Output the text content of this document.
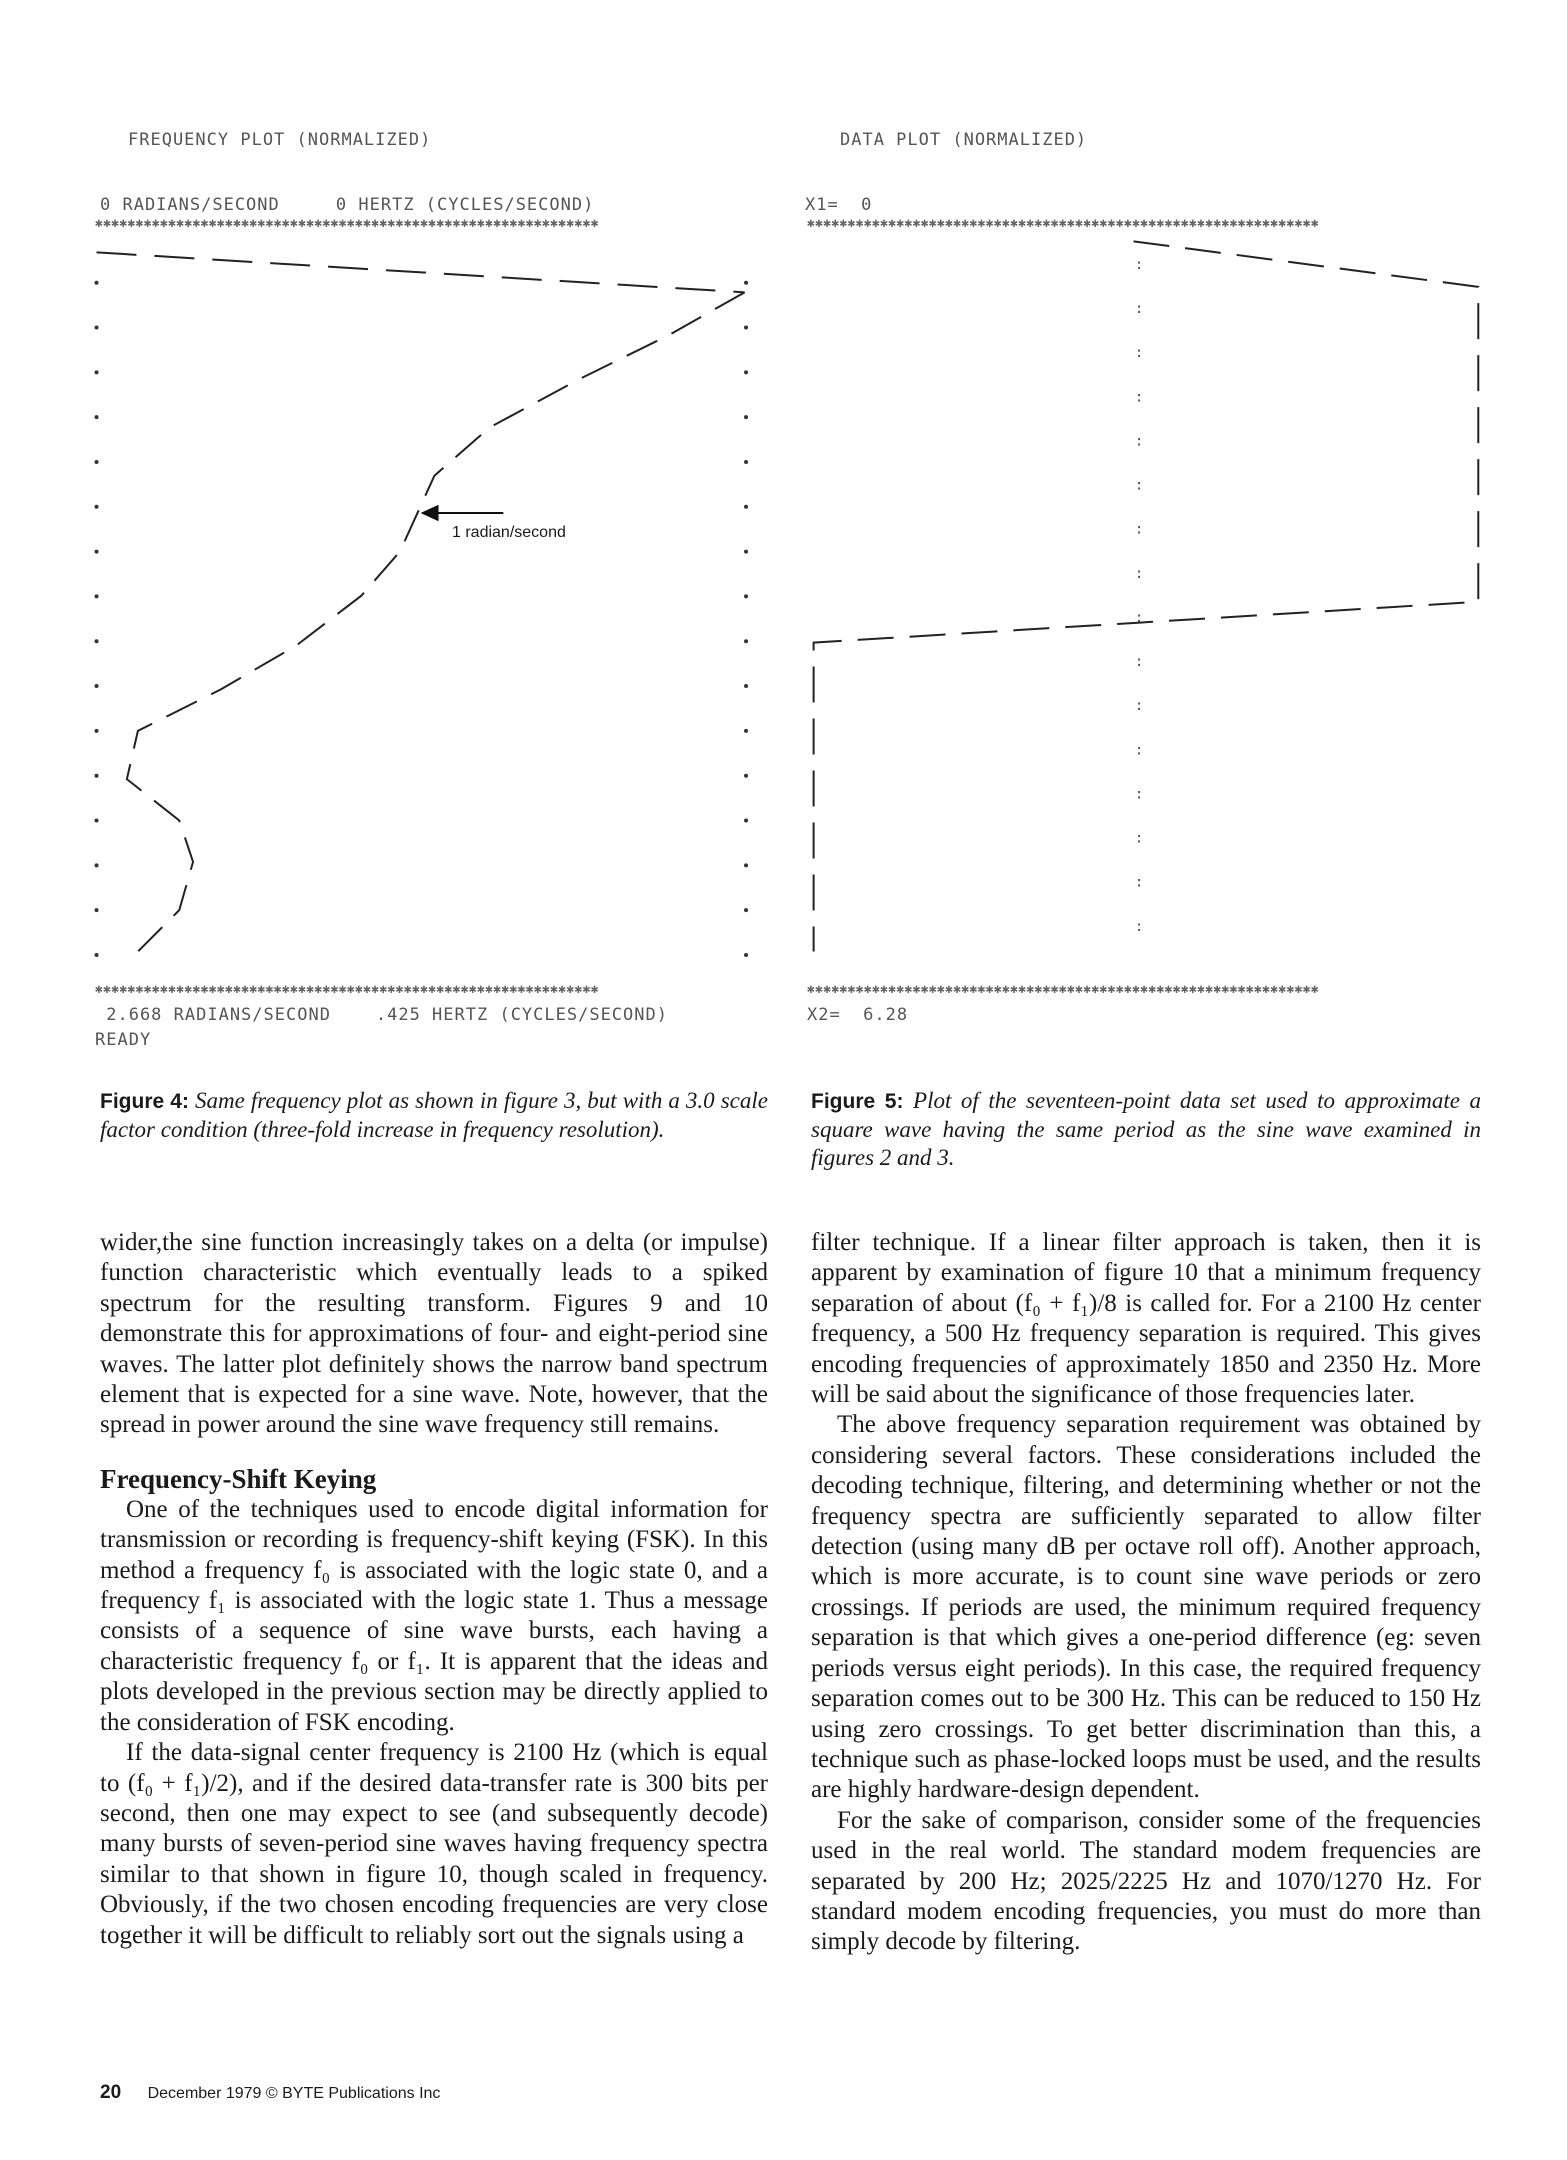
FREQUENCY PLOT (NORMALIZED)
0 RADIANS/SECOND     0 HERTZ (CYCLES/SECOND)
✱✱✱✱✱✱✱✱✱✱✱✱✱✱✱✱✱✱✱✱✱✱✱✱✱✱✱✱✱✱✱✱✱✱✱✱✱✱✱✱✱✱✱✱✱✱✱✱✱✱✱✱✱✱✱✱✱✱✱✱✱✱
✱✱✱✱✱✱✱✱✱✱✱✱✱✱✱✱✱✱✱✱✱✱✱✱✱✱✱✱✱✱✱✱✱✱✱✱✱✱✱✱✱✱✱✱✱✱✱✱✱✱✱✱✱✱✱✱✱✱✱✱✱✱
2.668 RADIANS/SECOND    .425 HERTZ (CYCLES/SECOND)
READY
1 radian/second
DATA PLOT (NORMALIZED)
X1=  0
✱✱✱✱✱✱✱✱✱✱✱✱✱✱✱✱✱✱✱✱✱✱✱✱✱✱✱✱✱✱✱✱✱✱✱✱✱✱✱✱✱✱✱✱✱✱✱✱✱✱✱✱✱✱✱✱✱✱✱✱✱✱✱
✱✱✱✱✱✱✱✱✱✱✱✱✱✱✱✱✱✱✱✱✱✱✱✱✱✱✱✱✱✱✱✱✱✱✱✱✱✱✱✱✱✱✱✱✱✱✱✱✱✱✱✱✱✱✱✱✱✱✱✱✱✱✱
X2=  6.28
:
:
:
:
:
:
:
:
:
:
:
:
:
:
:
:
Figure 4: Same frequency plot as shown in figure 3, but with a 3.0 scale factor condition (three-fold increase in frequency resolution).
Figure 5: Plot of the seventeen-point data set used to approximate a square wave having the same period as the sine wave examined in figures 2 and 3.

wider,the sine function increasingly takes on a delta (or impulse) function characteristic which eventually leads to a spiked spectrum for the resulting transform. Figures 9 and 10 demonstrate this for approximations of four- and eight-period sine waves. The latter plot definitely shows the narrow band spectrum element that is expected for a sine wave. Note, however, that the spread in power around the sine wave frequency still remains.

Frequency-Shift Keying

One of the techniques used to encode digital information for transmission or recording is frequency-shift keying (FSK). In this method a frequency f₀ is associated with the logic state 0, and a frequency f₁ is associated with the logic state 1. Thus a message consists of a sequence of sine wave bursts, each having a characteristic frequency f₀ or f₁. It is apparent that the ideas and plots developed in the previous section may be directly applied to the consideration of FSK encoding.

If the data-signal center frequency is 2100 Hz (which is equal to (f₀ + f₁)/2), and if the desired data-transfer rate is 300 bits per second, then one may expect to see (and subsequently decode) many bursts of seven-period sine waves having frequency spectra similar to that shown in figure 10, though scaled in frequency. Obviously, if the two chosen encoding frequencies are very close together it will be difficult to reliably sort out the signals using a

filter technique. If a linear filter approach is taken, then it is apparent by examination of figure 10 that a minimum frequency separation of about (f₀ + f₁)/8 is called for. For a 2100 Hz center frequency, a 500 Hz frequency separation is required. This gives encoding frequencies of approximately 1850 and 2350 Hz. More will be said about the significance of those frequencies later.

The above frequency separation requirement was obtained by considering several factors. These considerations included the decoding technique, filtering, and determining whether or not the frequency spectra are sufficiently separated to allow filter detection (using many dB per octave roll off). Another approach, which is more accurate, is to count sine wave periods or zero crossings. If periods are used, the minimum required frequency separation is that which gives a one-period difference (eg: seven periods versus eight periods). In this case, the required frequency separation comes out to be 300 Hz. This can be reduced to 150 Hz using zero crossings. To get better discrimination than this, a technique such as phase-locked loops must be used, and the results are highly hardware-design dependent.

For the sake of comparison, consider some of the frequencies used in the real world. The standard modem frequencies are separated by 200 Hz; 2025/2225 Hz and 1070/1270 Hz. For standard modem encoding frequencies, you must do more than simply decode by filtering.

20 December 1979 © BYTE Publications Inc
